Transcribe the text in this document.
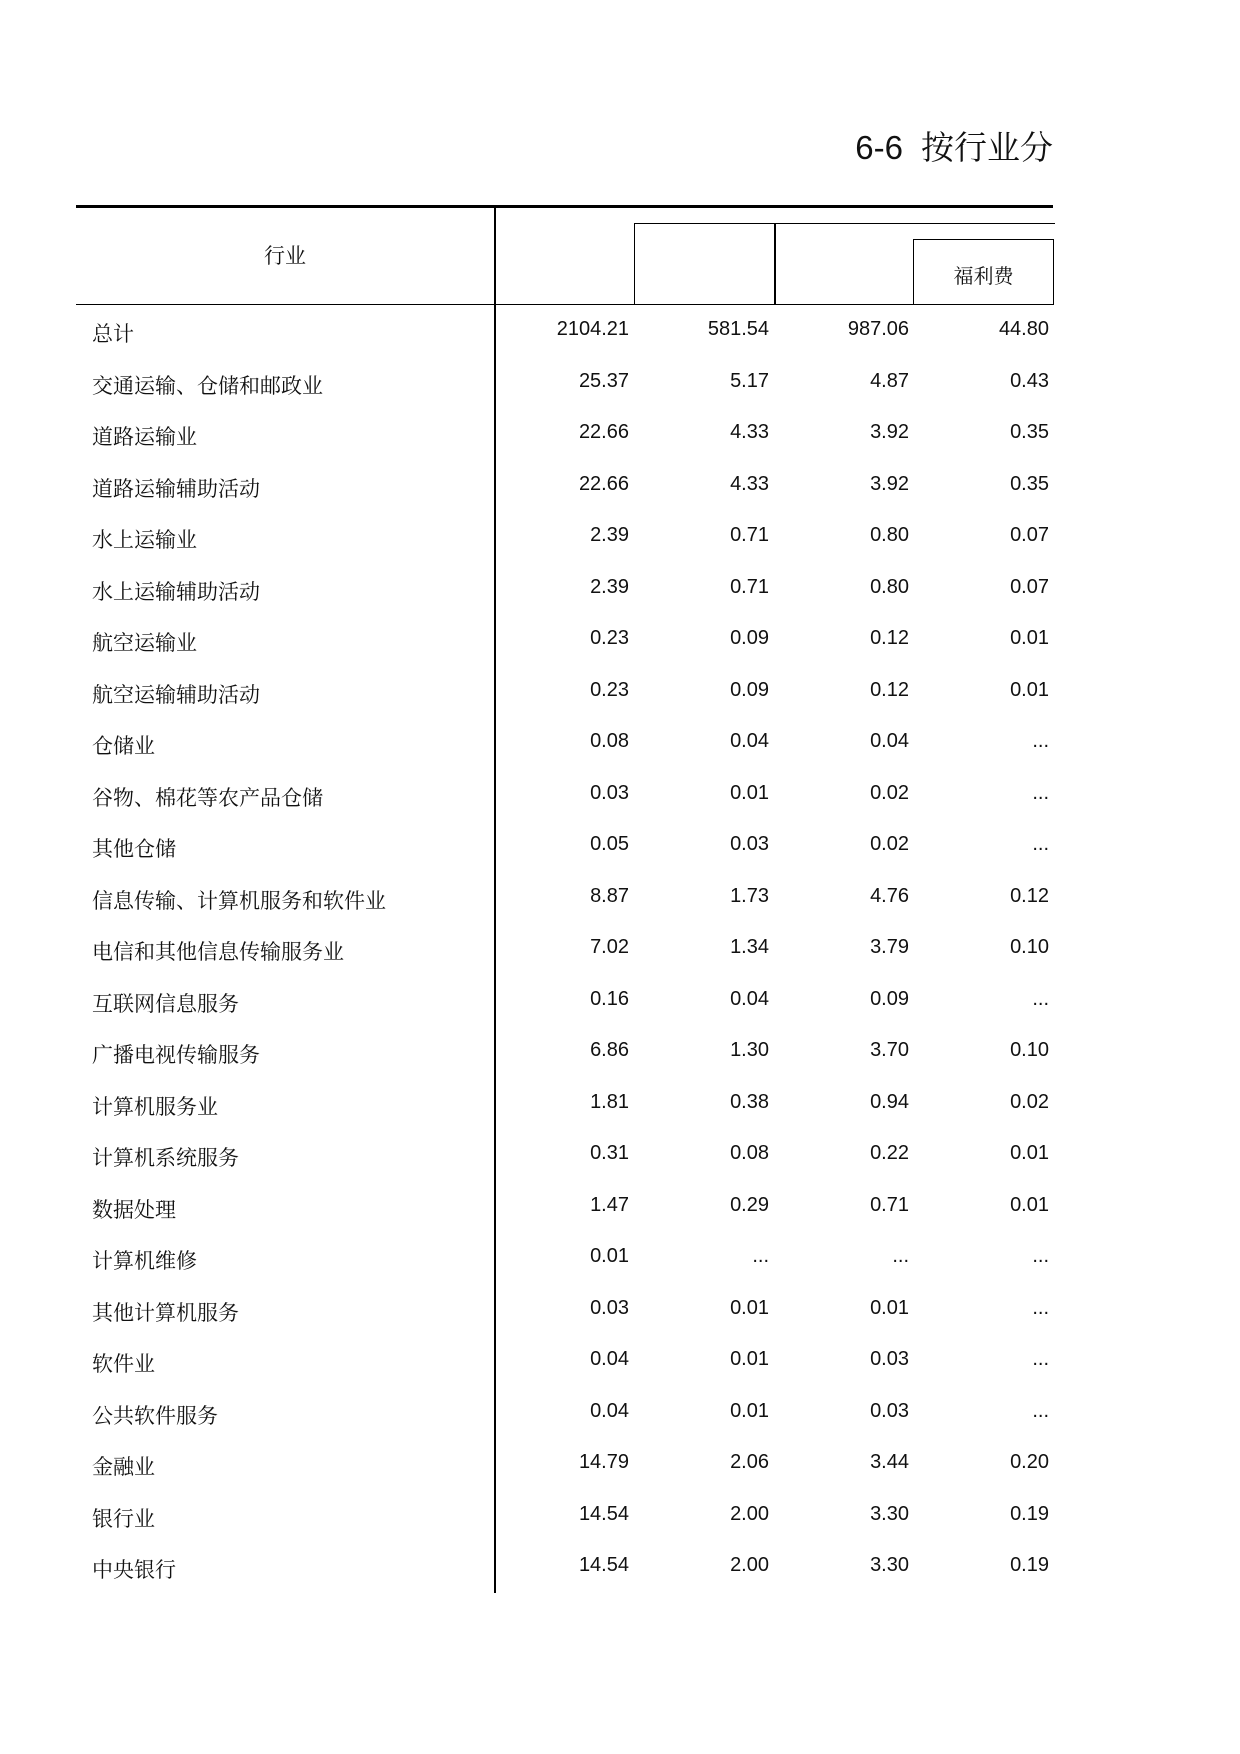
6-6 按行业分
行业
福利费
总计	2104.21	581.54	987.06	44.80
交通运输、仓储和邮政业	25.37	5.17	4.87	0.43
道路运输业	22.66	4.33	3.92	0.35
道路运输辅助活动	22.66	4.33	3.92	0.35
水上运输业	2.39	0.71	0.80	0.07
水上运输辅助活动	2.39	0.71	0.80	0.07
航空运输业	0.23	0.09	0.12	0.01
航空运输辅助活动	0.23	0.09	0.12	0.01
仓储业	0.08	0.04	0.04	...
谷物、棉花等农产品仓储	0.03	0.01	0.02	...
其他仓储	0.05	0.03	0.02	...
信息传输、计算机服务和软件业	8.87	1.73	4.76	0.12
电信和其他信息传输服务业	7.02	1.34	3.79	0.10
互联网信息服务	0.16	0.04	0.09	...
广播电视传输服务	6.86	1.30	3.70	0.10
计算机服务业	1.81	0.38	0.94	0.02
计算机系统服务	0.31	0.08	0.22	0.01
数据处理	1.47	0.29	0.71	0.01
计算机维修	0.01	...	...	...
其他计算机服务	0.03	0.01	0.01	...
软件业	0.04	0.01	0.03	...
公共软件服务	0.04	0.01	0.03	...
金融业	14.79	2.06	3.44	0.20
银行业	14.54	2.00	3.30	0.19
中央银行	14.54	2.00	3.30	0.19
